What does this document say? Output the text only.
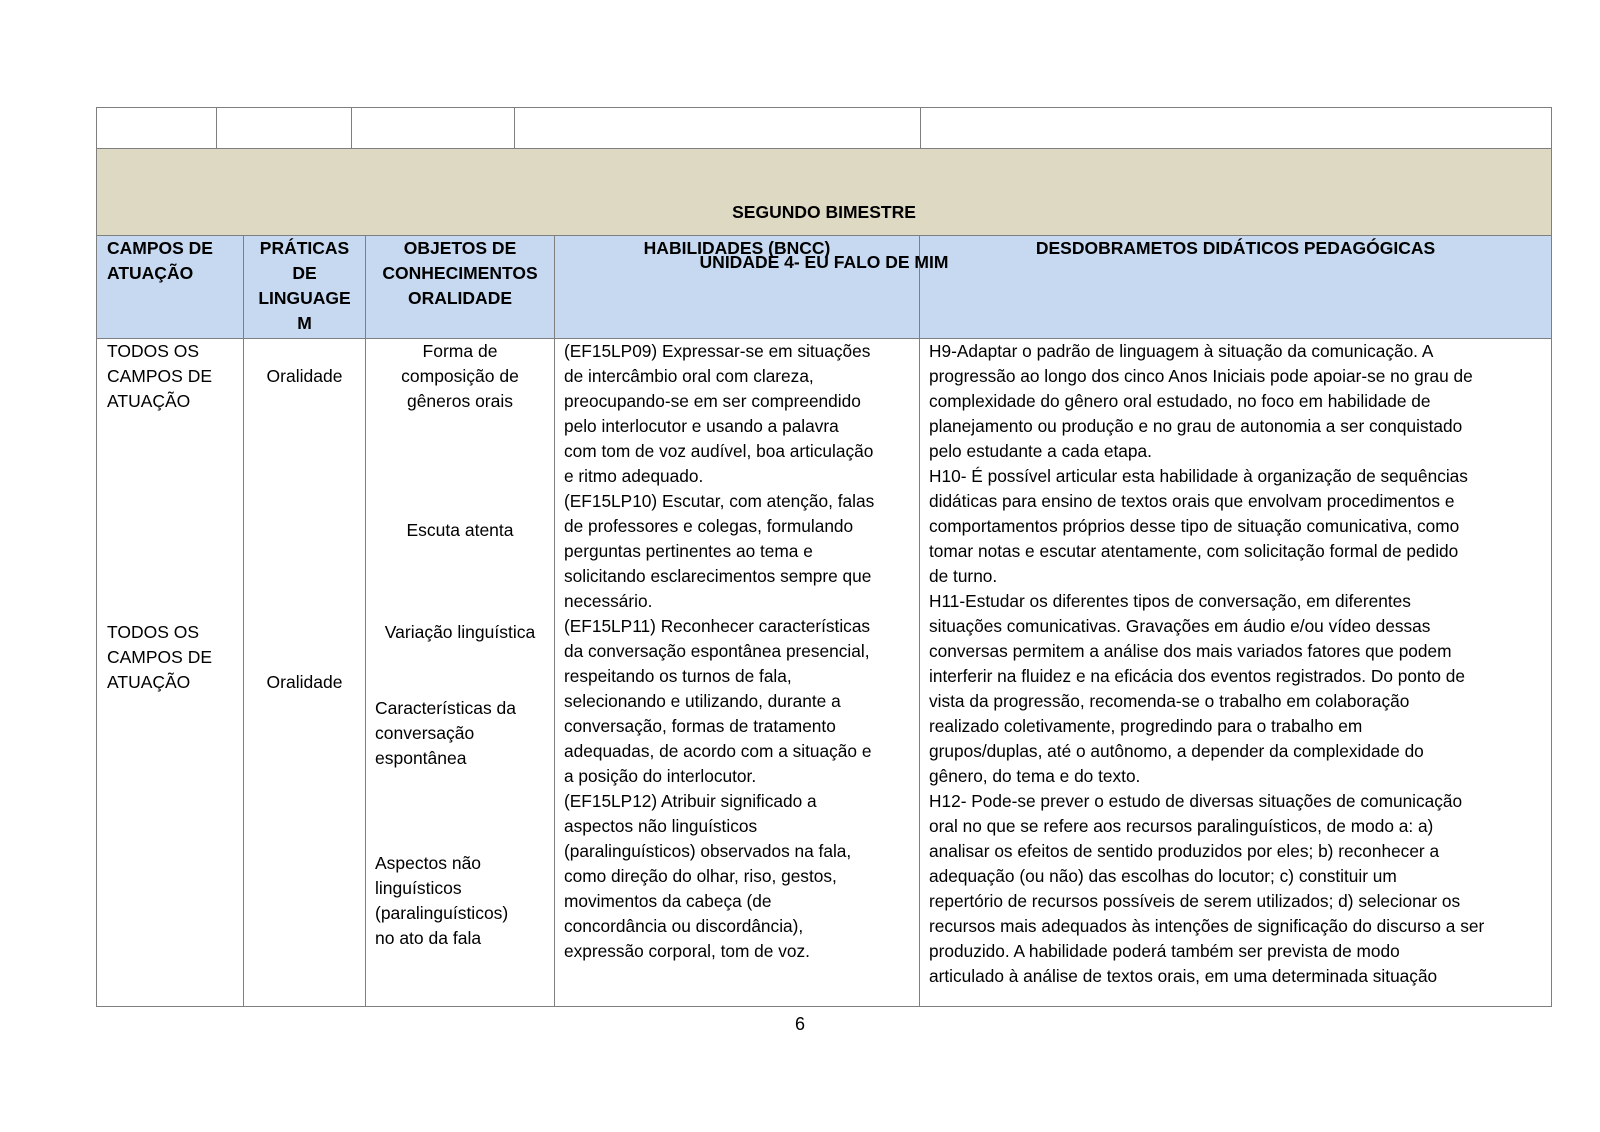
SEGUNDO BIMESTRE

UNIDADE 4- EU FALO DE MIM

CAMPOS DE
ATUAÇÃO
PRÁTICAS
DE
LINGUAGE
M
OBJETOS DE
CONHECIMENTOS
ORALIDADE
HABILIDADES (BNCC)	DESDOBRAMETOS DIDÁTICOS PEDAGÓGICAS
TODOS OS
CAMPOS DE
ATUAÇÃO
TODOS OS
CAMPOS DE
ATUAÇÃO
Oralidade
Oralidade
Forma de
composição de
gêneros orais
Escuta atenta
Variação linguística
Características da
conversação
espontânea
Aspectos não
linguísticos
(paralinguísticos)
no ato da fala
(EF15LP09) Expressar-se em situações
de intercâmbio oral com clareza,
preocupando-se em ser compreendido
pelo interlocutor e usando a palavra
com tom de voz audível, boa articulação
e ritmo adequado.
(EF15LP10) Escutar, com atenção, falas
de professores e colegas, formulando
perguntas pertinentes ao tema e
solicitando esclarecimentos sempre que
necessário.
(EF15LP11) Reconhecer características
da conversação espontânea presencial,
respeitando os turnos de fala,
selecionando e utilizando, durante a
conversação, formas de tratamento
adequadas, de acordo com a situação e
a posição do interlocutor.
(EF15LP12) Atribuir significado a
aspectos não linguísticos
(paralinguísticos) observados na fala,
como direção do olhar, riso, gestos,
movimentos da cabeça (de
concordância ou discordância),
expressão corporal, tom de voz.
H9-Adaptar o padrão de linguagem à situação da comunicação. A
progressão ao longo dos cinco Anos Iniciais pode apoiar-se no grau de
complexidade do gênero oral estudado, no foco em habilidade de
planejamento ou produção e no grau de autonomia a ser conquistado
pelo estudante a cada etapa.
H10- É possível articular esta habilidade à organização de sequências
didáticas para ensino de textos orais que envolvam procedimentos e
comportamentos próprios desse tipo de situação comunicativa, como
tomar notas e escutar atentamente, com solicitação formal de pedido
de turno.
H11-Estudar os diferentes tipos de conversação, em diferentes
situações comunicativas. Gravações em áudio e/ou vídeo dessas
conversas permitem a análise dos mais variados fatores que podem
interferir na fluidez e na eficácia dos eventos registrados. Do ponto de
vista da progressão, recomenda-se o trabalho em colaboração
realizado coletivamente, progredindo para o trabalho em
grupos/duplas, até o autônomo, a depender da complexidade do
gênero, do tema e do texto.
H12- Pode-se prever o estudo de diversas situações de comunicação
oral no que se refere aos recursos paralinguísticos, de modo a: a)
analisar os efeitos de sentido produzidos por eles; b) reconhecer a
adequação (ou não) das escolhas do locutor; c) constituir um
repertório de recursos possíveis de serem utilizados; d) selecionar os
recursos mais adequados às intenções de significação do discurso a ser
produzido. A habilidade poderá também ser prevista de modo
articulado à análise de textos orais, em uma determinada situação
6
